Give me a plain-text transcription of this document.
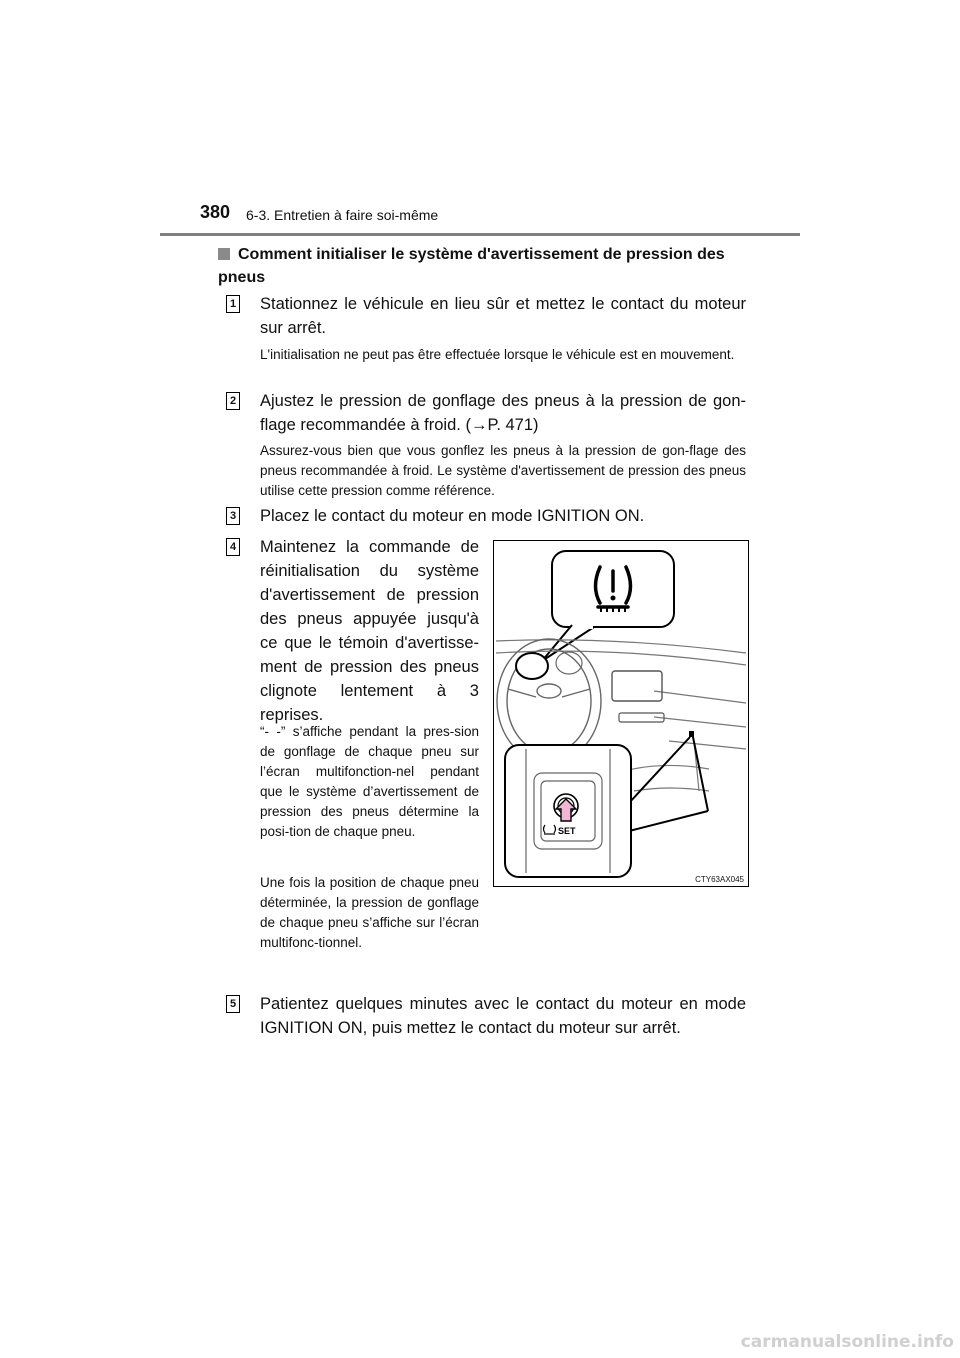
380 6-3. Entretien à faire soi-même
Comment initialiser le système d'avertissement de pression des pneus
1 Stationnez le véhicule en lieu sûr et mettez le contact du moteur sur arrêt.
L'initialisation ne peut pas être effectuée lorsque le véhicule est en mouvement.
2 Ajustez le pression de gonflage des pneus à la pression de gon-flage recommandée à froid. (→P. 471)
Assurez-vous bien que vous gonflez les pneus à la pression de gon-flage des pneus recommandée à froid. Le système d'avertissement de pression des pneus utilise cette pression comme référence.
3 Placez le contact du moteur en mode IGNITION ON.
4 Maintenez la commande de réinitialisation du système d'avertissement de pression des pneus appuyée jusqu'à ce que le témoin d'avertisse-ment de pression des pneus clignote lentement à 3 reprises.
“- -” s’affiche pendant la pres-sion de gonflage de chaque pneu sur l’écran multifonction-nel pendant que le système d’avertissement de pression des pneus détermine la posi-tion de chaque pneu.
Une fois la position de chaque pneu déterminée, la pression de gonflage de chaque pneu s’affiche sur l’écran multifonc-tionnel.
SET
CTY63AX045
5 Patientez quelques minutes avec le contact du moteur en mode IGNITION ON, puis mettez le contact du moteur sur arrêt.
carmanualsonline.info
